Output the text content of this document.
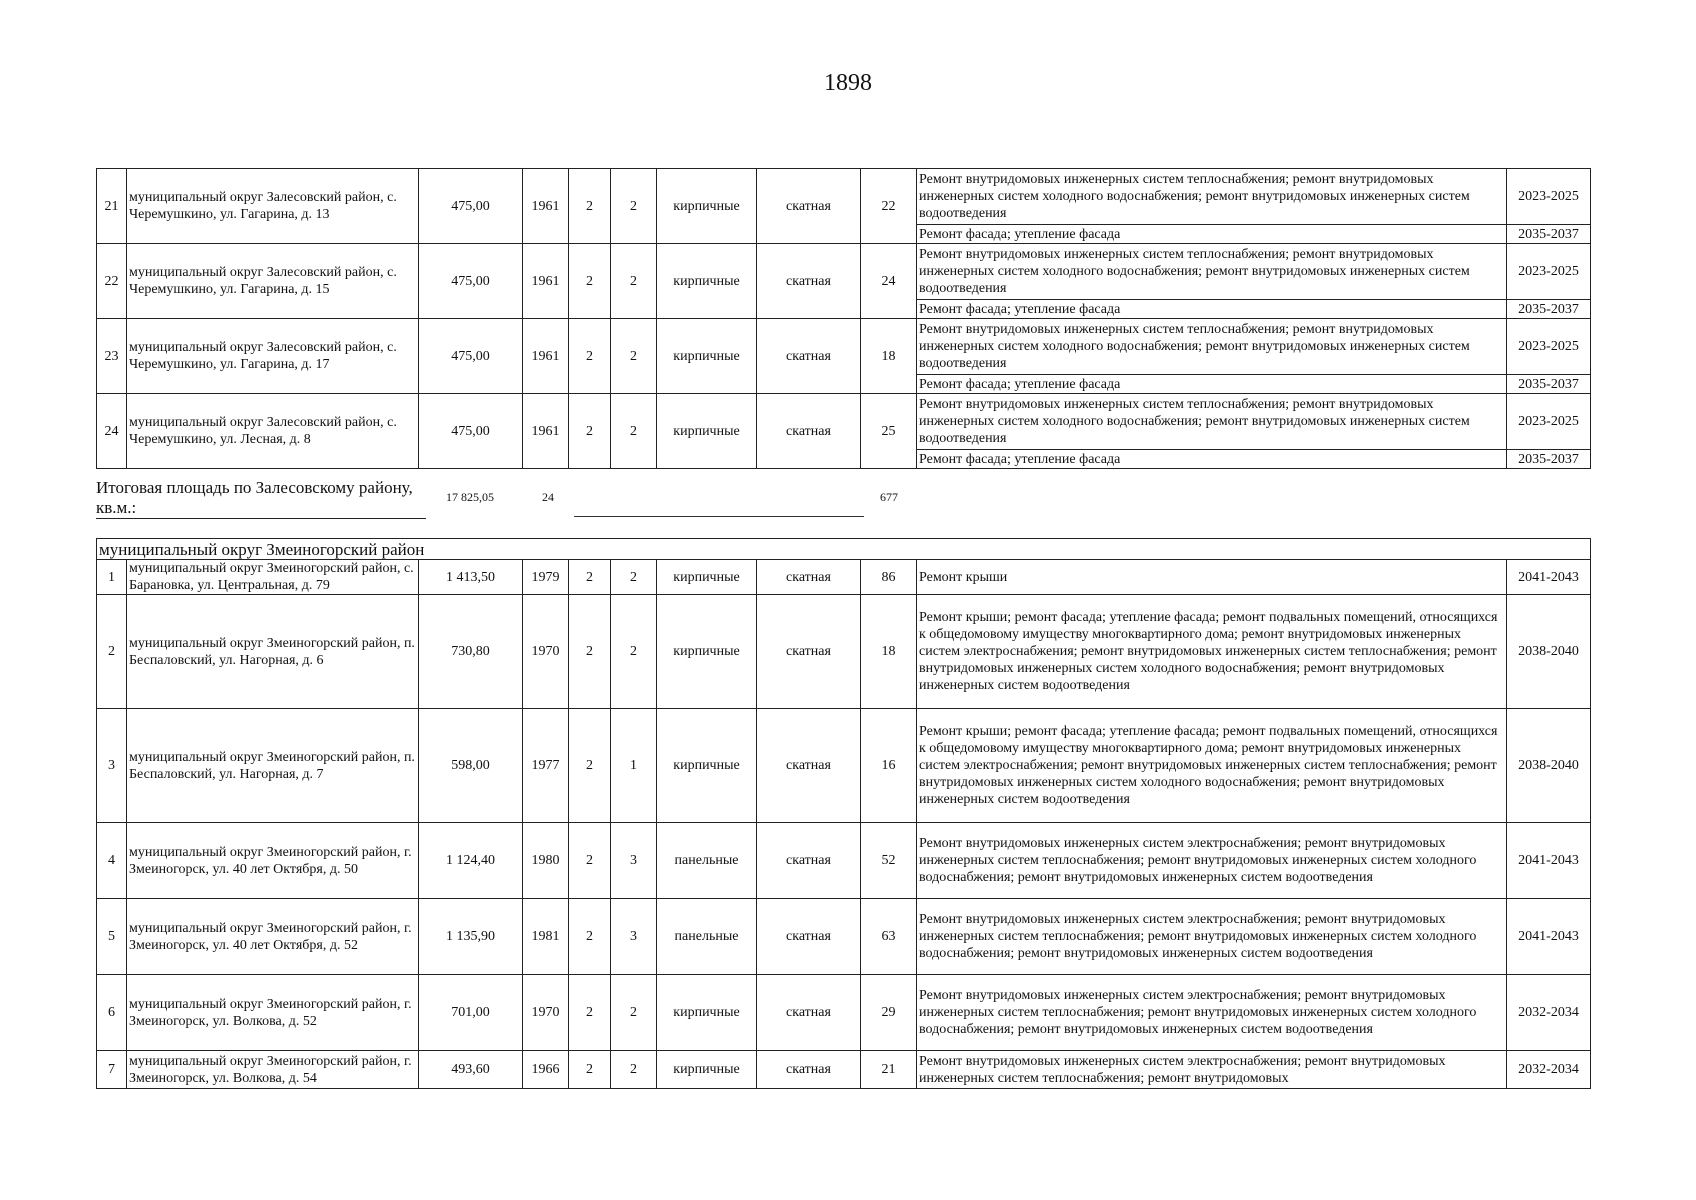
1898
21	муниципальный округ Залесовский район, с. Черемушкино, ул. Гагарина, д. 13	475,00	1961	2	2	кирпичные	скатная	22	Ремонт внутридомовых инженерных систем теплоснабжения; ремонт внутридомовых инженерных систем холодного водоснабжения; ремонт внутридомовых инженерных систем водоотведения	2023-2025
									Ремонт фасада; утепление фасада	2035-2037
22	муниципальный округ Залесовский район, с. Черемушкино, ул. Гагарина, д. 15	475,00	1961	2	2	кирпичные	скатная	24	Ремонт внутридомовых инженерных систем теплоснабжения; ремонт внутридомовых инженерных систем холодного водоснабжения; ремонт внутридомовых инженерных систем водоотведения	2023-2025
									Ремонт фасада; утепление фасада	2035-2037
23	муниципальный округ Залесовский район, с. Черемушкино, ул. Гагарина, д. 17	475,00	1961	2	2	кирпичные	скатная	18	Ремонт внутридомовых инженерных систем теплоснабжения; ремонт внутридомовых инженерных систем холодного водоснабжения; ремонт внутридомовых инженерных систем водоотведения	2023-2025
									Ремонт фасада; утепление фасада	2035-2037
24	муниципальный округ Залесовский район, с. Черемушкино, ул. Лесная, д. 8	475,00	1961	2	2	кирпичные	скатная	25	Ремонт внутридомовых инженерных систем теплоснабжения; ремонт внутридомовых инженерных систем холодного водоснабжения; ремонт внутридомовых инженерных систем водоотведения	2023-2025
									Ремонт фасада; утепление фасада	2035-2037
Итоговая площадь по Залесовскому району, кв.м.:
17 825,05	24	677
муниципальный округ Змеиногорский район										
1	муниципальный округ Змеиногорский район, с. Барановка, ул. Центральная, д. 79	1 413,50	1979	2	2	кирпичные	скатная	86	Ремонт крыши	2041-2043
2	муниципальный округ Змеиногорский район, п. Беспаловский, ул. Нагорная, д. 6	730,80	1970	2	2	кирпичные	скатная	18	Ремонт крыши; ремонт фасада; утепление фасада; ремонт подвальных помещений, относящихся к общедомовому имуществу многоквартирного дома; ремонт внутридомовых инженерных систем электроснабжения; ремонт внутридомовых инженерных систем теплоснабжения; ремонт внутридомовых инженерных систем холодного водоснабжения; ремонт внутридомовых инженерных систем водоотведения	2038-2040
3	муниципальный округ Змеиногорский район, п. Беспаловский, ул. Нагорная, д. 7	598,00	1977	2	1	кирпичные	скатная	16	Ремонт крыши; ремонт фасада; утепление фасада; ремонт подвальных помещений, относящихся к общедомовому имуществу многоквартирного дома; ремонт внутридомовых инженерных систем электроснабжения; ремонт внутридомовых инженерных систем теплоснабжения; ремонт внутридомовых инженерных систем холодного водоснабжения; ремонт внутридомовых инженерных систем водоотведения	2038-2040
4	муниципальный округ Змеиногорский район, г. Змеиногорск, ул. 40 лет Октября, д. 50	1 124,40	1980	2	3	панельные	скатная	52	Ремонт внутридомовых инженерных систем электроснабжения; ремонт внутридомовых инженерных систем теплоснабжения; ремонт внутридомовых инженерных систем холодного водоснабжения; ремонт внутридомовых инженерных систем водоотведения	2041-2043
5	муниципальный округ Змеиногорский район, г. Змеиногорск, ул. 40 лет Октября, д. 52	1 135,90	1981	2	3	панельные	скатная	63	Ремонт внутридомовых инженерных систем электроснабжения; ремонт внутридомовых инженерных систем теплоснабжения; ремонт внутридомовых инженерных систем холодного водоснабжения; ремонт внутридомовых инженерных систем водоотведения	2041-2043
6	муниципальный округ Змеиногорский район, г. Змеиногорск, ул. Волкова, д. 52	701,00	1970	2	2	кирпичные	скатная	29	Ремонт внутридомовых инженерных систем электроснабжения; ремонт внутридомовых инженерных систем теплоснабжения; ремонт внутридомовых инженерных систем холодного водоснабжения; ремонт внутридомовых инженерных систем водоотведения	2032-2034
7	муниципальный округ Змеиногорский район, г. Змеиногорск, ул. Волкова, д. 54	493,60	1966	2	2	кирпичные	скатная	21	Ремонт внутридомовых инженерных систем электроснабжения; ремонт внутридомовых инженерных систем теплоснабжения; ремонт внутридомовых	2032-2034
